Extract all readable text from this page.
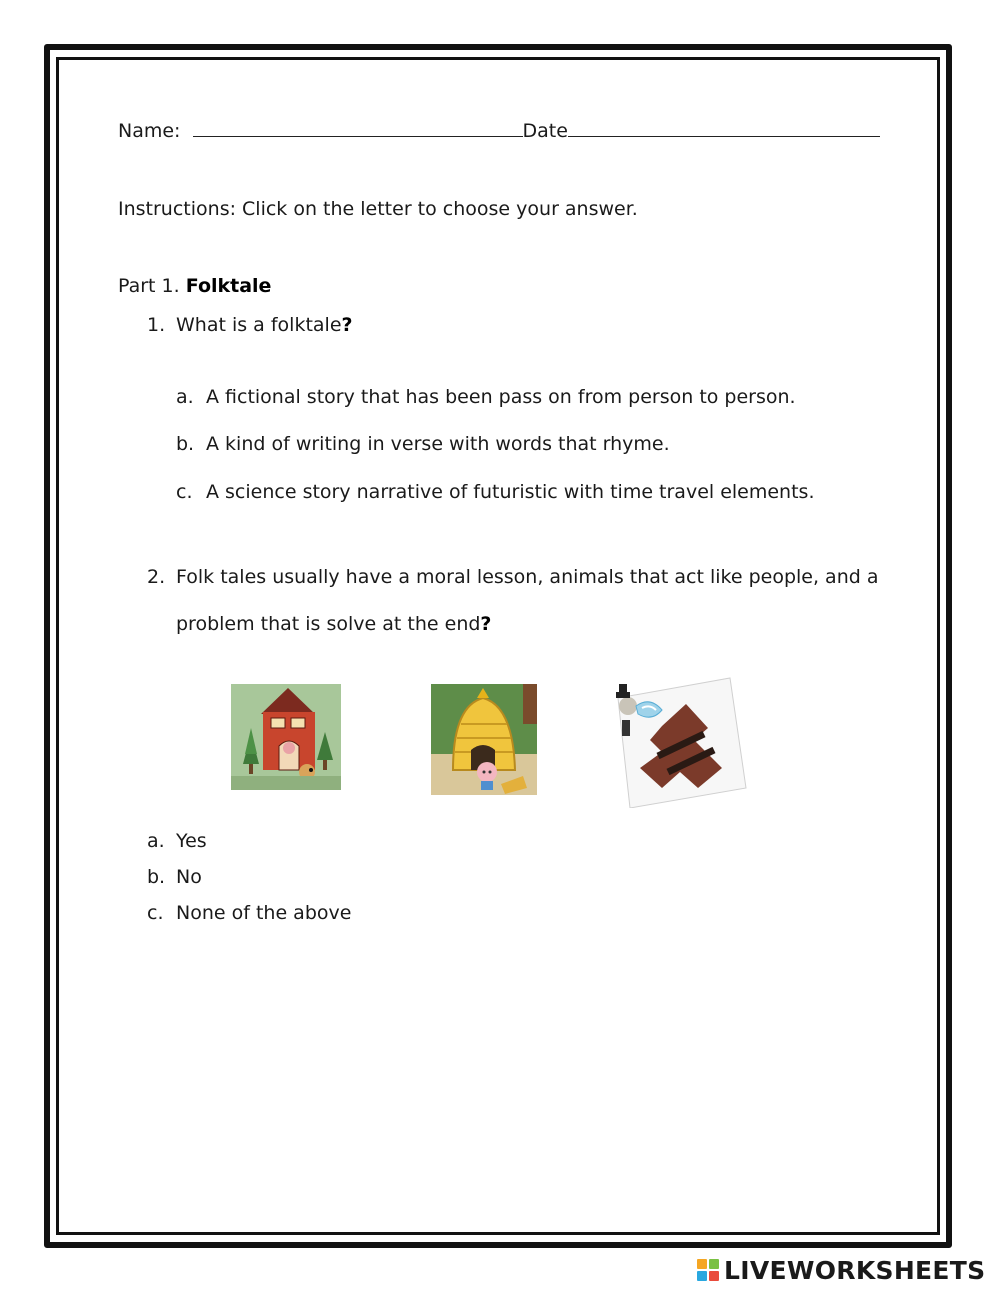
Name:	Date
Instructions: Click on the letter to choose your answer.
Part 1. Folktale
1. What is a folktale?
a. A fictional story that has been pass on from person to person.
b. A kind of writing in verse with words that rhyme.
c. A science story narrative of futuristic with time travel elements.
2. Folk tales usually have a moral lesson, animals that act like people, and a
problem that is solve at the end?
a. Yes
b. No
c. None of the above
LIVEWORKSHEETS
